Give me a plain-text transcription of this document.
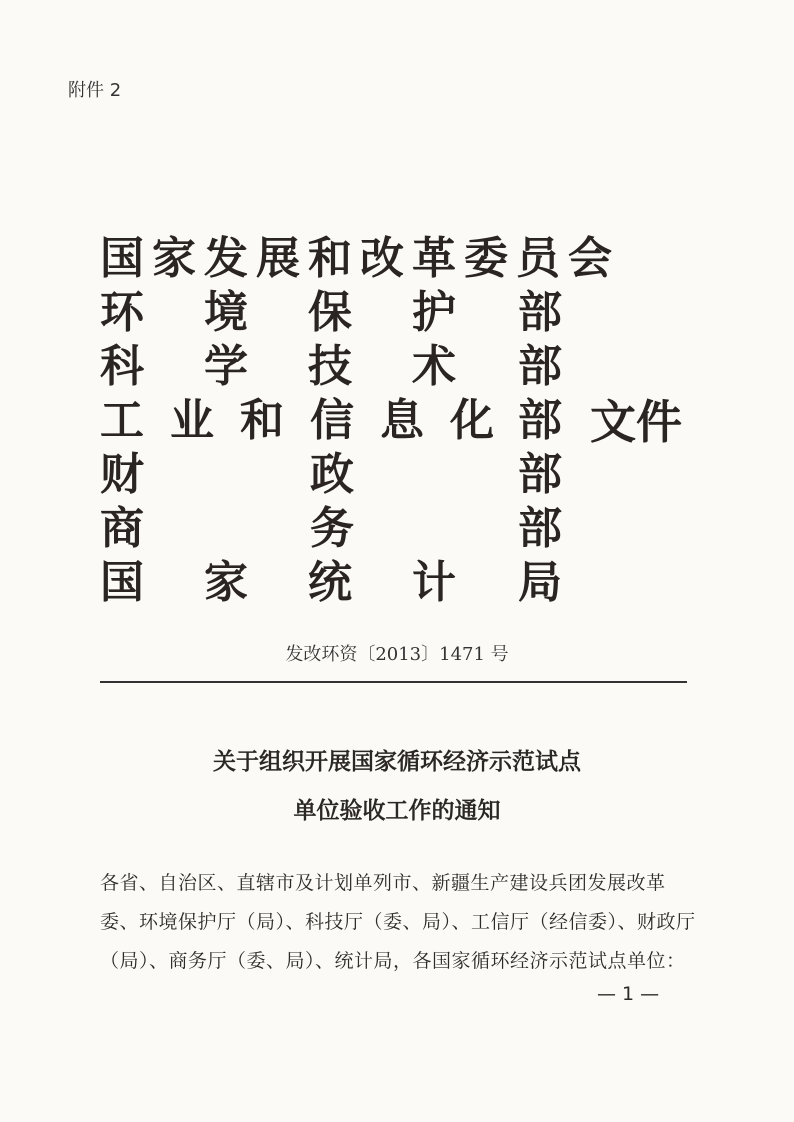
附件 2
国 家 发 展 和 改 革 委 员 会
环 境 保 护 部
科 学 技 术 部
工 业 和 信 息 化 部
财	政	部
商	务	部
国 家 统 计 局
文件
发改环资〔2013〕1471 号
关于组织开展国家循环经济示范试点
单位验收工作的通知
各省、自治区、直辖市及计划单列市、新疆生产建设兵团发展改革
委、环境保护厅（局）、科技厅（委、局）、工信厅（经信委）、财政厅
（局）、商务厅（委、局）、统计局，各国家循环经济示范试点单位：
— 1 —
